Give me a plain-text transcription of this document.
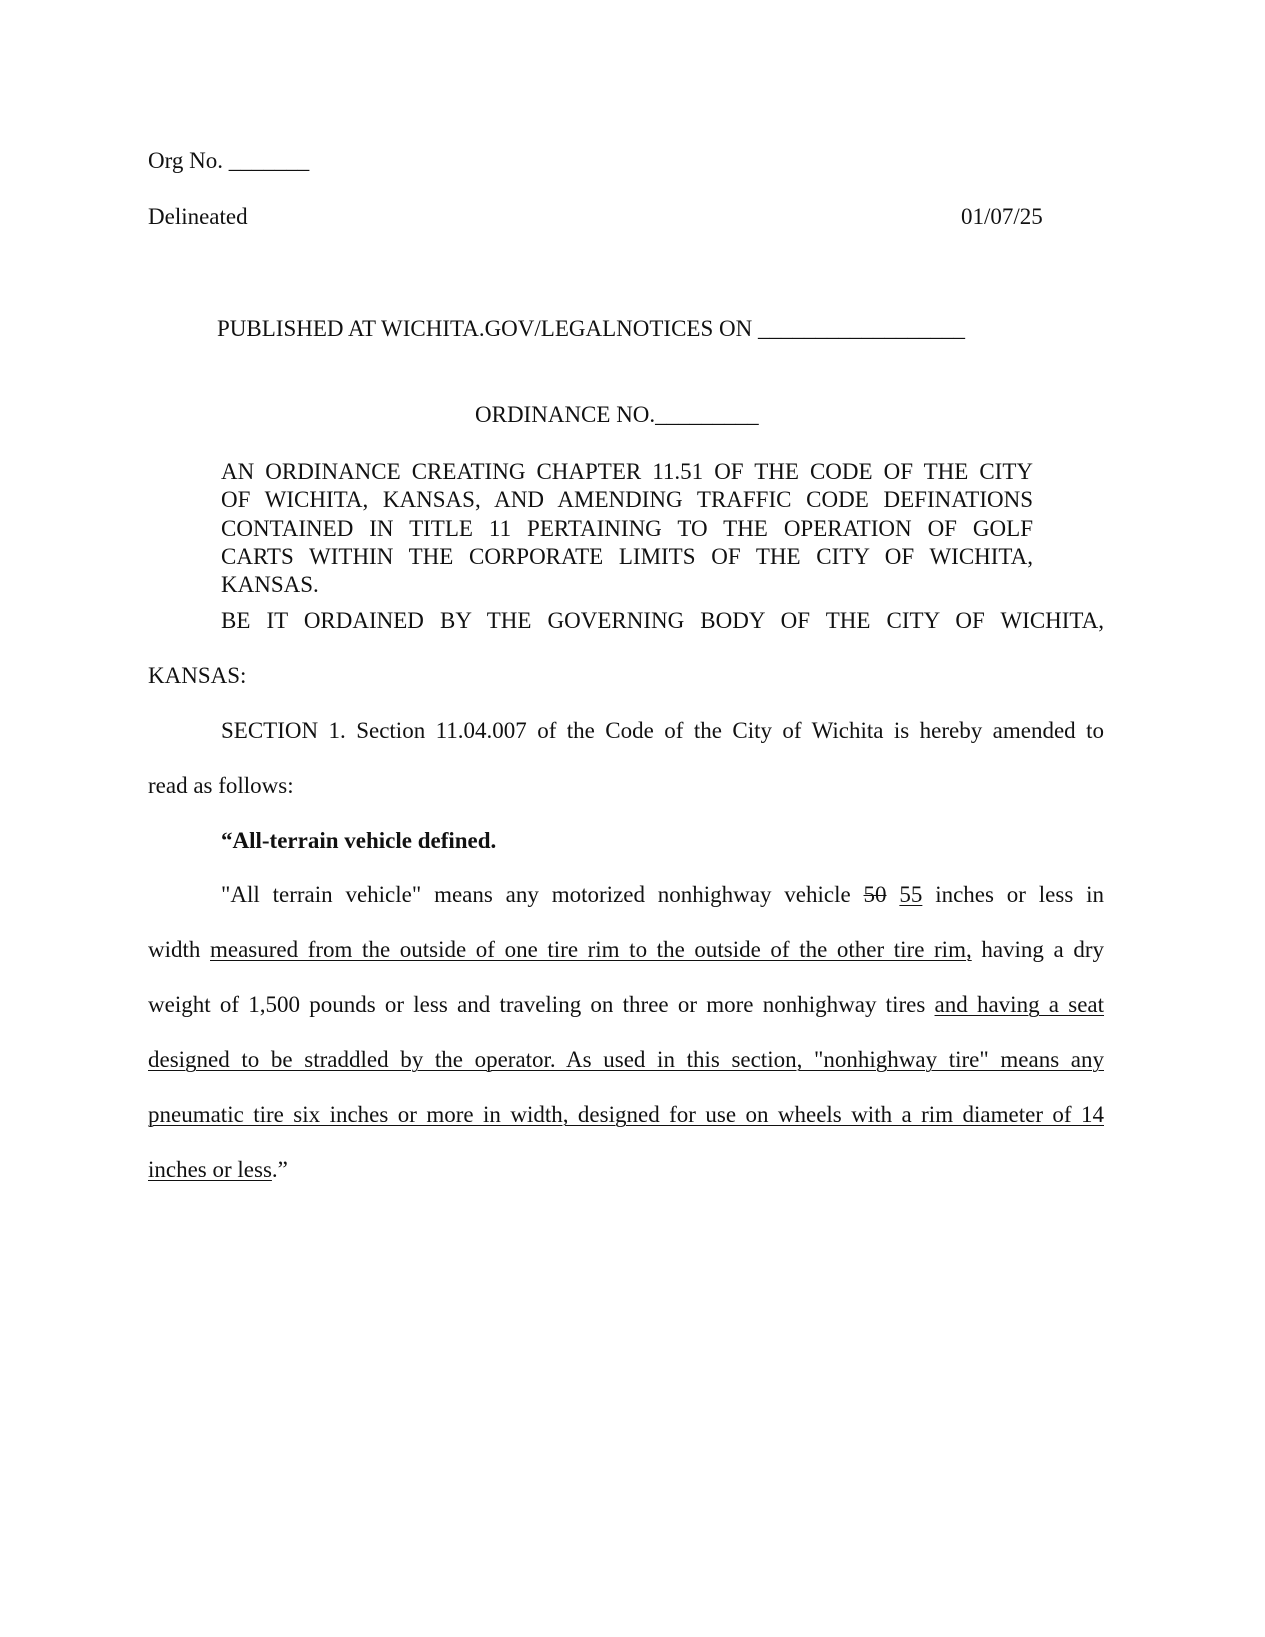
Org No. _______
Delineated	01/07/25
PUBLISHED AT WICHITA.GOV/LEGALNOTICES ON __________________
ORDINANCE NO._________
AN ORDINANCE CREATING CHAPTER 11.51 OF THE CODE OF THE CITY
OF WICHITA, KANSAS, AND AMENDING TRAFFIC CODE DEFINATIONS
CONTAINED IN TITLE 11 PERTAINING TO THE OPERATION OF GOLF
CARTS WITHIN THE CORPORATE LIMITS OF THE CITY OF WICHITA,
KANSAS.
BE IT ORDAINED BY THE GOVERNING BODY OF THE CITY OF WICHITA,
KANSAS:
SECTION 1. Section 11.04.007 of the Code of the City of Wichita is hereby amended to
read as follows:
“All-terrain vehicle defined.
"All terrain vehicle" means any motorized nonhighway vehicle 50 55 inches or less in
width measured from the outside of one tire rim to the outside of the other tire rim, having a dry
weight of 1,500 pounds or less and traveling on three or more nonhighway tires and having a seat
designed to be straddled by the operator. As used in this section, "nonhighway tire" means any
pneumatic tire six inches or more in width, designed for use on wheels with a rim diameter of 14
inches or less.”
